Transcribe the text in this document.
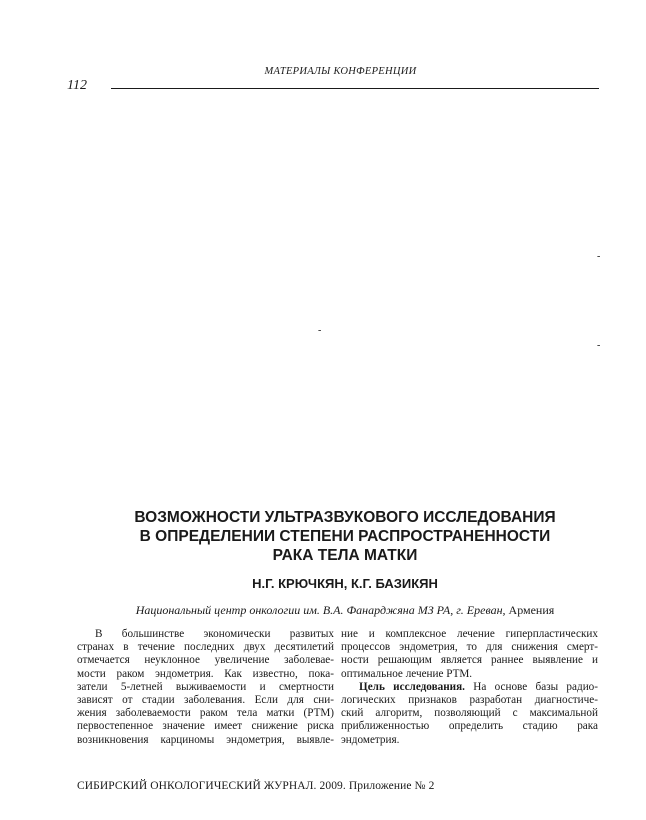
МАТЕРИАЛЫ КОНФЕРЕНЦИИ
112
-
-
-
ВОЗМОЖНОСТИ УЛЬТРАЗВУКОВОГО ИССЛЕДОВАНИЯ
В ОПРЕДЕЛЕНИИ СТЕПЕНИ РАСПРОСТРАНЕННОСТИ
РАКА ТЕЛА МАТКИ
Н.Г. КРЮЧКЯН, К.Г. БАЗИКЯН
Национальный центр онкологии им. В.А. Фанарджяна МЗ РА, г. Ереван, Армения
В большинстве экономически развитых
странах в течение последних двух десятилетий
отмечается неуклонное увеличение заболевае-
мости раком эндометрия. Как известно, пока-
затели 5-летней выживаемости и смертности
зависят от стадии заболевания. Если для сни-
жения заболеваемости раком тела матки (РТМ)
первостепенное значение имеет снижение риска
возникновения карциномы эндометрия, выявле-
ние и комплексное лечение гиперпластических
процессов эндометрия, то для снижения смерт-
ности решающим является раннее выявление и
оптимальное лечение РТМ.
Цель исследования. На основе базы радио-
логических признаков разработан диагностиче-
ский алгоритм, позволяющий с максимальной
приближенностью определить стадию рака
эндометрия.
СИБИРСКИЙ ОНКОЛОГИЧЕСКИЙ ЖУРНАЛ. 2009. Приложение № 2
